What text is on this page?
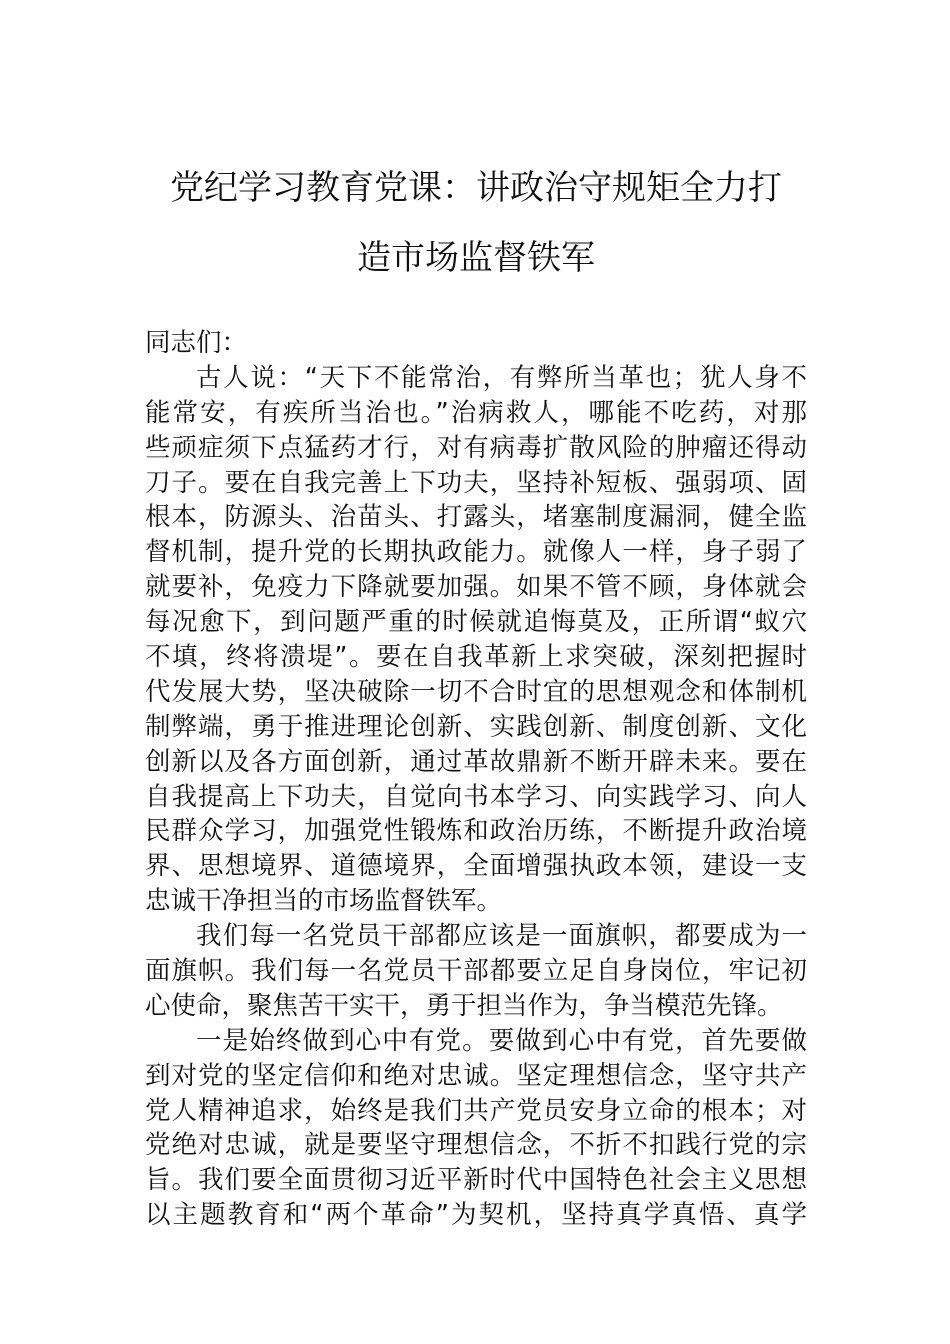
党纪学习教育党课：讲政治守规矩全力打
造市场监督铁军
同志们：
古人说：“天下不能常治，有弊所当革也；犹人身不
能常安，有疾所当治也。”治病救人，哪能不吃药，对那
些顽症须下点猛药才行，对有病毒扩散风险的肿瘤还得动
刀子。要在自我完善上下功夫，坚持补短板、强弱项、固
根本，防源头、治苗头、打露头，堵塞制度漏洞，健全监
督机制，提升党的长期执政能力。就像人一样，身子弱了
就要补，免疫力下降就要加强。如果不管不顾，身体就会
每况愈下，到问题严重的时候就追悔莫及，正所谓“蚁穴
不填，终将溃堤”。要在自我革新上求突破，深刻把握时
代发展大势，坚决破除一切不合时宜的思想观念和体制机
制弊端，勇于推进理论创新、实践创新、制度创新、文化
创新以及各方面创新，通过革故鼎新不断开辟未来。要在
自我提高上下功夫，自觉向书本学习、向实践学习、向人
民群众学习，加强党性锻炼和政治历练，不断提升政治境
界、思想境界、道德境界，全面增强执政本领，建设一支
忠诚干净担当的市场监督铁军。
我们每一名党员干部都应该是一面旗帜，都要成为一
面旗帜。我们每一名党员干部都要立足自身岗位，牢记初
心使命，聚焦苦干实干，勇于担当作为，争当模范先锋。
一是始终做到心中有党。要做到心中有党，首先要做
到对党的坚定信仰和绝对忠诚。坚定理想信念，坚守共产
党人精神追求，始终是我们共产党员安身立命的根本；对
党绝对忠诚，就是要坚守理想信念，不折不扣践行党的宗
旨。我们要全面贯彻习近平新时代中国特色社会主义思想
以主题教育和“两个革命”为契机，坚持真学真悟、真学
